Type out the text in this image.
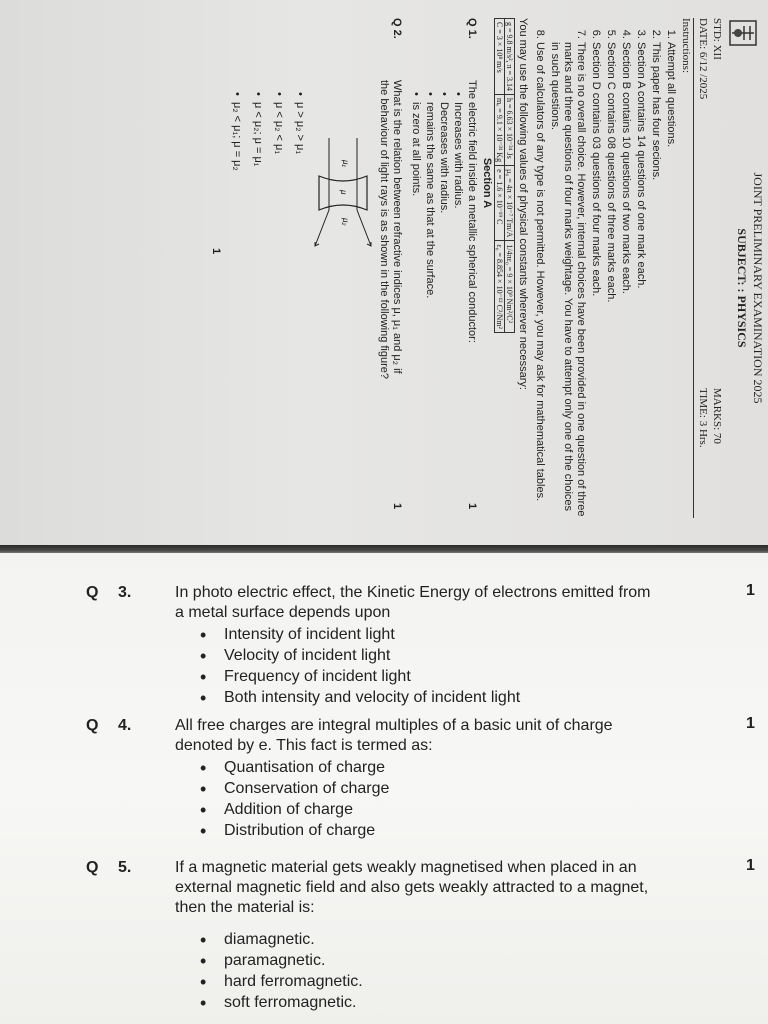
JOINT PRELIMINARY EXAMINATION 2025
SUBJECT: : PHYSICS
STD: XII
DATE: 6/12 /2025
MARKS: 70
TIME: 3 Hrs.
Instructions:
1. Attempt all questions.
2. This paper has four secions.
3. Section A contains 14 questions of one mark each.
4. Section B contains 10 questions of two marks each.
5. Section C contains 08 questions of three marks each.
6. Section D contains 03 questions of four marks each.
7. There is no overall choice. However, internal choices have been provided in one question of three marks and three questions of four marks weightage. You have to attempt only one of the choices in such questions.
8. Use of calculators of any type is not permitted. However, you may ask for mathematical tables.
You may use the following values of physical constants wherever necessary:
g = 9.8 m/s², π = 3.14	h = 6.63 × 10⁻³⁴ Js	μ₀ = 4π × 10⁻⁷ Tm/A	1/4πε₀ = 9 × 10⁹ Nm²/C²
C = 3 × 10⁸ m/s	mₑ = 9.1 × 10⁻³¹ Kg	e = 1.6 × 10⁻¹⁹ C	ε₀ = 8.854 × 10⁻¹² C²/Nm²
Section A
Q 1.
The electric field inside a metallic spherical conductor:
1
• Increases with radius.
• Decreases with radius.
• remains the same as that at the surface.
• is zero at all points.
Q 2.
What is the relation between refractive indices μ, μ₁ and μ₂ if the behaviour of light rays is as shown in the following figure?
1
μ₁
μ
μ₂
• μ > μ₂ > μ₁
• μ < μ₂ < μ₁
• μ < μ₂; μ = μ₁
• μ₂ < μ₁; μ = μ₂
1
Q 3.	In photo electric effect, the Kinetic Energy of electrons emitted from
a metal surface depends upon
1
• Intensity of incident light
• Velocity of incident light
• Frequency of incident light
• Both intensity and velocity of incident light
Q 4.	All free charges are integral multiples of a basic unit of charge
denoted by e. This fact is termed as:
1
• Quantisation of charge
• Conservation of charge
• Addition of charge
• Distribution of charge
Q 5.	If a magnetic material gets weakly magnetised when placed in an
external magnetic field and also gets weakly attracted to a magnet,
then the material is:
1
• diamagnetic.
• paramagnetic.
• hard ferromagnetic.
• soft ferromagnetic.
